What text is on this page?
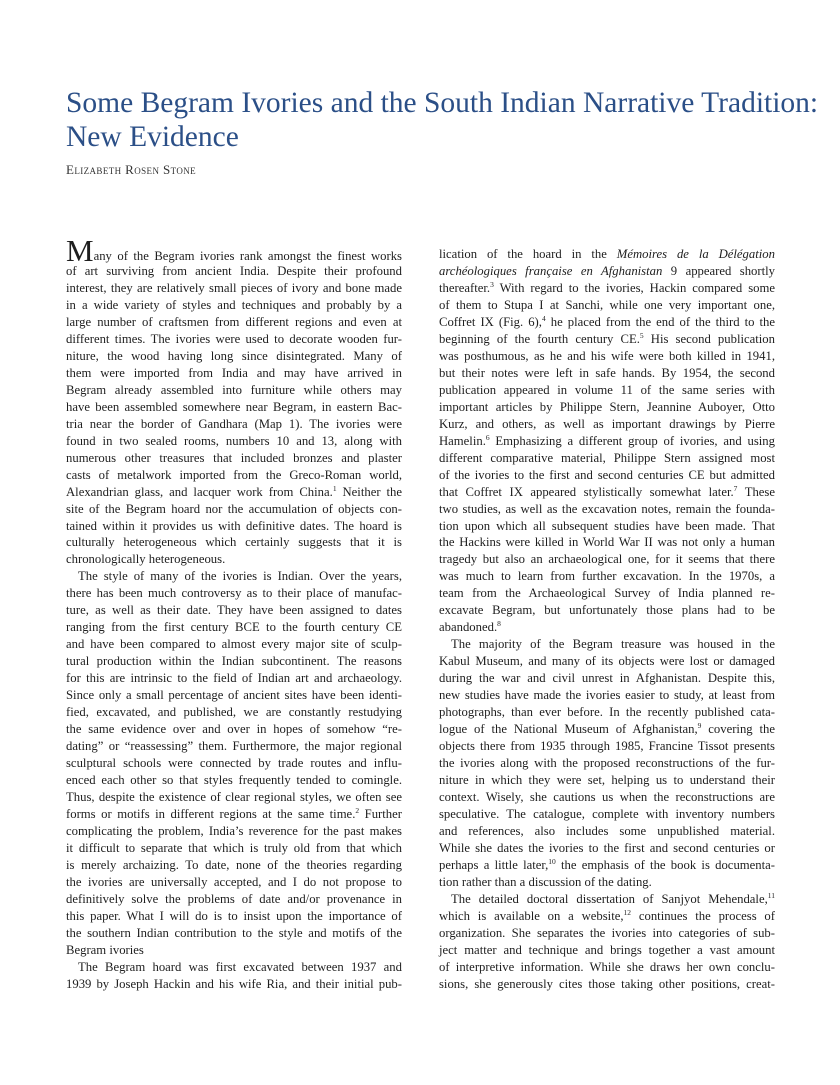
Some Begram Ivories and the South Indian Narrative Tradition:
New Evidence

Elizabeth Rosen Stone

Many of the Begram ivories rank amongst the finest works
of art surviving from ancient India. Despite their profound
interest, they are relatively small pieces of ivory and bone made
in a wide variety of styles and techniques and probably by a
large number of craftsmen from different regions and even at
different times. The ivories were used to decorate wooden fur-
niture, the wood having long since disintegrated. Many of
them were imported from India and may have arrived in
Begram already assembled into furniture while others may
have been assembled somewhere near Begram, in eastern Bac-
tria near the border of Gandhara (Map 1). The ivories were
found in two sealed rooms, numbers 10 and 13, along with
numerous other treasures that included bronzes and plaster
casts of metalwork imported from the Greco-Roman world,
Alexandrian glass, and lacquer work from China.$^1$ Neither the
site of the Begram hoard nor the accumulation of objects con-
tained within it provides us with definitive dates. The hoard is
culturally heterogeneous which certainly suggests that it is
chronologically heterogeneous.
The style of many of the ivories is Indian. Over the years,
there has been much controversy as to their place of manufac-
ture, as well as their date. They have been assigned to dates
ranging from the first century BCE to the fourth century CE
and have been compared to almost every major site of sculp-
tural production within the Indian subcontinent. The reasons
for this are intrinsic to the field of Indian art and archaeology.
Since only a small percentage of ancient sites have been identi-
fied, excavated, and published, we are constantly restudying
the same evidence over and over in hopes of somehow “re-
dating” or “reassessing” them. Furthermore, the major regional
sculptural schools were connected by trade routes and influ-
enced each other so that styles frequently tended to comingle.
Thus, despite the existence of clear regional styles, we often see
forms or motifs in different regions at the same time.$^2$ Further
complicating the problem, India’s reverence for the past makes
it difficult to separate that which is truly old from that which
is merely archaizing. To date, none of the theories regarding
the ivories are universally accepted, and I do not propose to
definitively solve the problems of date and/or provenance in
this paper. What I will do is to insist upon the importance of
the southern Indian contribution to the style and motifs of the
Begram ivories
The Begram hoard was first excavated between 1937 and
1939 by Joseph Hackin and his wife Ria, and their initial pub-
lication of the hoard in the Mémoires de la Délégation
archéologiques française en Afghanistan 9 appeared shortly
thereafter.$^3$ With regard to the ivories, Hackin compared some
of them to Stupa I at Sanchi, while one very important one,
Coffret IX (Fig. 6),$^4$ he placed from the end of the third to the
beginning of the fourth century CE.$^5$ His second publication
was posthumous, as he and his wife were both killed in 1941,
but their notes were left in safe hands. By 1954, the second
publication appeared in volume 11 of the same series with
important articles by Philippe Stern, Jeannine Auboyer, Otto
Kurz, and others, as well as important drawings by Pierre
Hamelin.$^6$ Emphasizing a different group of ivories, and using
different comparative material, Philippe Stern assigned most
of the ivories to the first and second centuries CE but admitted
that Coffret IX appeared stylistically somewhat later.$^7$ These
two studies, as well as the excavation notes, remain the founda-
tion upon which all subsequent studies have been made. That
the Hackins were killed in World War II was not only a human
tragedy but also an archaeological one, for it seems that there
was much to learn from further excavation. In the 1970s, a
team from the Archaeological Survey of India planned re-
excavate Begram, but unfortunately those plans had to be
abandoned.$^8$
The majority of the Begram treasure was housed in the
Kabul Museum, and many of its objects were lost or damaged
during the war and civil unrest in Afghanistan. Despite this,
new studies have made the ivories easier to study, at least from
photographs, than ever before. In the recently published cata-
logue of the National Museum of Afghanistan,$^9$ covering the
objects there from 1935 through 1985, Francine Tissot presents
the ivories along with the proposed reconstructions of the fur-
niture in which they were set, helping us to understand their
context. Wisely, she cautions us when the reconstructions are
speculative. The catalogue, complete with inventory numbers
and references, also includes some unpublished material.
While she dates the ivories to the first and second centuries or
perhaps a little later,$^{10}$ the emphasis of the book is documenta-
tion rather than a discussion of the dating.
The detailed doctoral dissertation of Sanjyot Mehendale,$^{11}$
which is available on a website,$^{12}$ continues the process of
organization. She separates the ivories into categories of sub-
ject matter and technique and brings together a vast amount
of interpretive information. While she draws her own conclu-
sions, she generously cites those taking other positions, creat-
